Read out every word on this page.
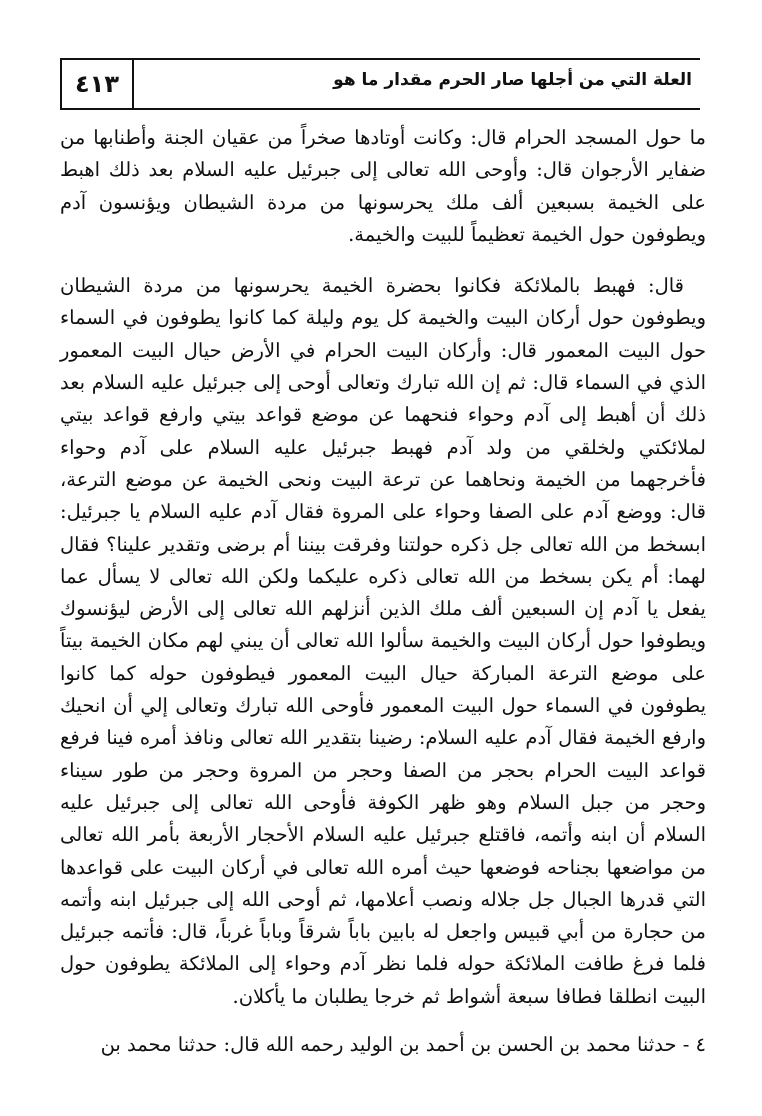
العلة التي من أجلها صار الحرم مقدار ما هو
٤١٣

ما حول المسجد الحرام قال: وكانت أوتادها صخراً من عقيان الجنة وأطنابها من ضفاير الأرجوان قال: وأوحى الله تعالى إلى جبرئيل عليه السلام بعد ذلك اهبط على الخيمة بسبعين ألف ملك يحرسونها من مردة الشيطان ويؤنسون آدم ويطوفون حول الخيمة تعظيماً للبيت والخيمة.

قال: فهبط بالملائكة فكانوا بحضرة الخيمة يحرسونها من مردة الشيطان ويطوفون حول أركان البيت والخيمة كل يوم وليلة كما كانوا يطوفون في السماء حول البيت المعمور قال: وأركان البيت الحرام في الأرض حيال البيت المعمور الذي في السماء قال: ثم إن الله تبارك وتعالى أوحى إلى جبرئيل عليه السلام بعد ذلك أن أهبط إلى آدم وحواء فنحهما عن موضع قواعد بيتي وارفع قواعد بيتي لملائكتي ولخلقي من ولد آدم فهبط جبرئيل عليه السلام على آدم وحواء فأخرجهما من الخيمة ونحاهما عن ترعة البيت ونحى الخيمة عن موضع الترعة، قال: ووضع آدم على الصفا وحواء على المروة فقال آدم عليه السلام يا جبرئيل: ابسخط من الله تعالى جل ذكره حولتنا وفرقت بيننا أم برضى وتقدير علينا؟ فقال لهما: أم يكن بسخط من الله تعالى ذكره عليكما ولكن الله تعالى لا يسأل عما يفعل يا آدم إن السبعين ألف ملك الذين أنزلهم الله تعالى إلى الأرض ليؤنسوك ويطوفوا حول أركان البيت والخيمة سألوا الله تعالى أن يبني لهم مكان الخيمة بيتاً على موضع الترعة المباركة حيال البيت المعمور فيطوفون حوله كما كانوا يطوفون في السماء حول البيت المعمور فأوحى الله تبارك وتعالى إلي أن انحيك وارفع الخيمة فقال آدم عليه السلام: رضينا بتقدير الله تعالى ونافذ أمره فينا فرفع قواعد البيت الحرام بحجر من الصفا وحجر من المروة وحجر من طور سيناء وحجر من جبل السلام وهو ظهر الكوفة فأوحى الله تعالى إلى جبرئيل عليه السلام أن ابنه وأتمه، فاقتلع جبرئيل عليه السلام الأحجار الأربعة بأمر الله تعالى من مواضعها بجناحه فوضعها حيث أمره الله تعالى في أركان البيت على قواعدها التي قدرها الجبال جل جلاله ونصب أعلامها، ثم أوحى الله إلى جبرئيل ابنه وأتمه من حجارة من أبي قبيس واجعل له بابين باباً شرقاً وباباً غرباً، قال: فأتمه جبرئيل فلما فرغ طافت الملائكة حوله فلما نظر آدم وحواء إلى الملائكة يطوفون حول البيت انطلقا فطافا سبعة أشواط ثم خرجا يطلبان ما يأكلان.

٤ - حدثنا محمد بن الحسن بن أحمد بن الوليد رحمه الله قال: حدثنا محمد بن
